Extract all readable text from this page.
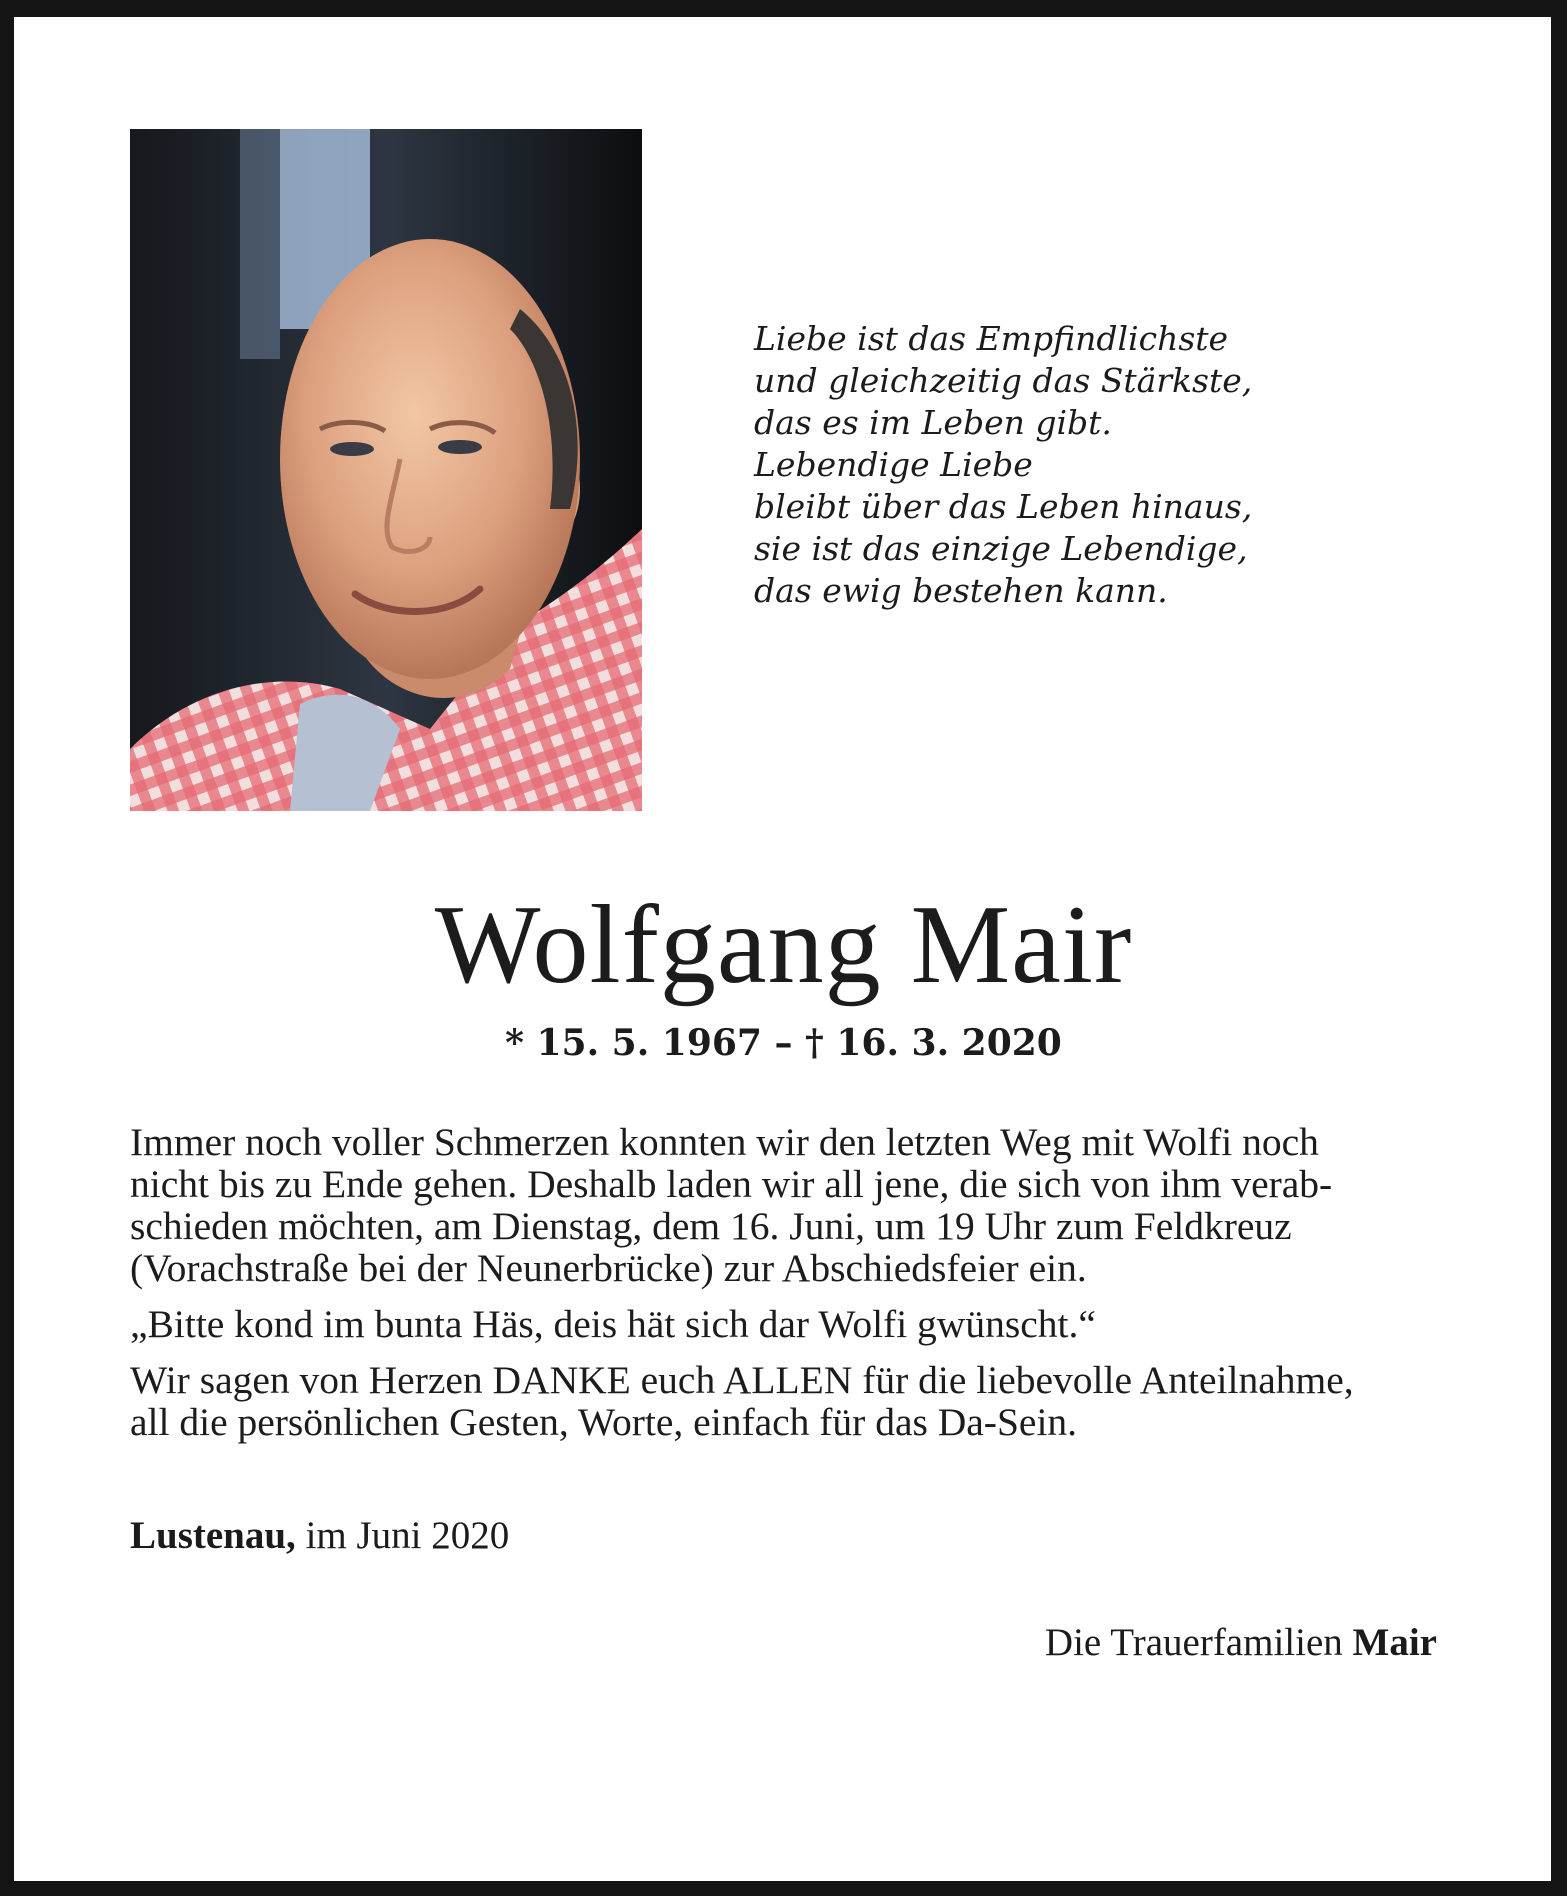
Liebe ist das Empfindlichste
und gleichzeitig das Stärkste,
das es im Leben gibt.
Lebendige Liebe
bleibt über das Leben hinaus,
sie ist das einzige Lebendige,
das ewig bestehen kann.
Wolfgang Mair
* 15. 5. 1967 – † 16. 3. 2020
Immer noch voller Schmerzen konnten wir den letzten Weg mit Wolfi noch
nicht bis zu Ende gehen. Deshalb laden wir all jene, die sich von ihm verab-
schieden möchten, am Dienstag, dem 16. Juni, um 19 Uhr zum Feldkreuz
(Vorachstraße bei der Neunerbrücke) zur Abschiedsfeier ein.
„Bitte kond im bunta Häs, deis hät sich dar Wolfi gwünscht.“
Wir sagen von Herzen DANKE euch ALLEN für die liebevolle Anteilnahme,
all die persönlichen Gesten, Worte, einfach für das Da-Sein.
Lustenau, im Juni 2020
Die Trauerfamilien Mair
